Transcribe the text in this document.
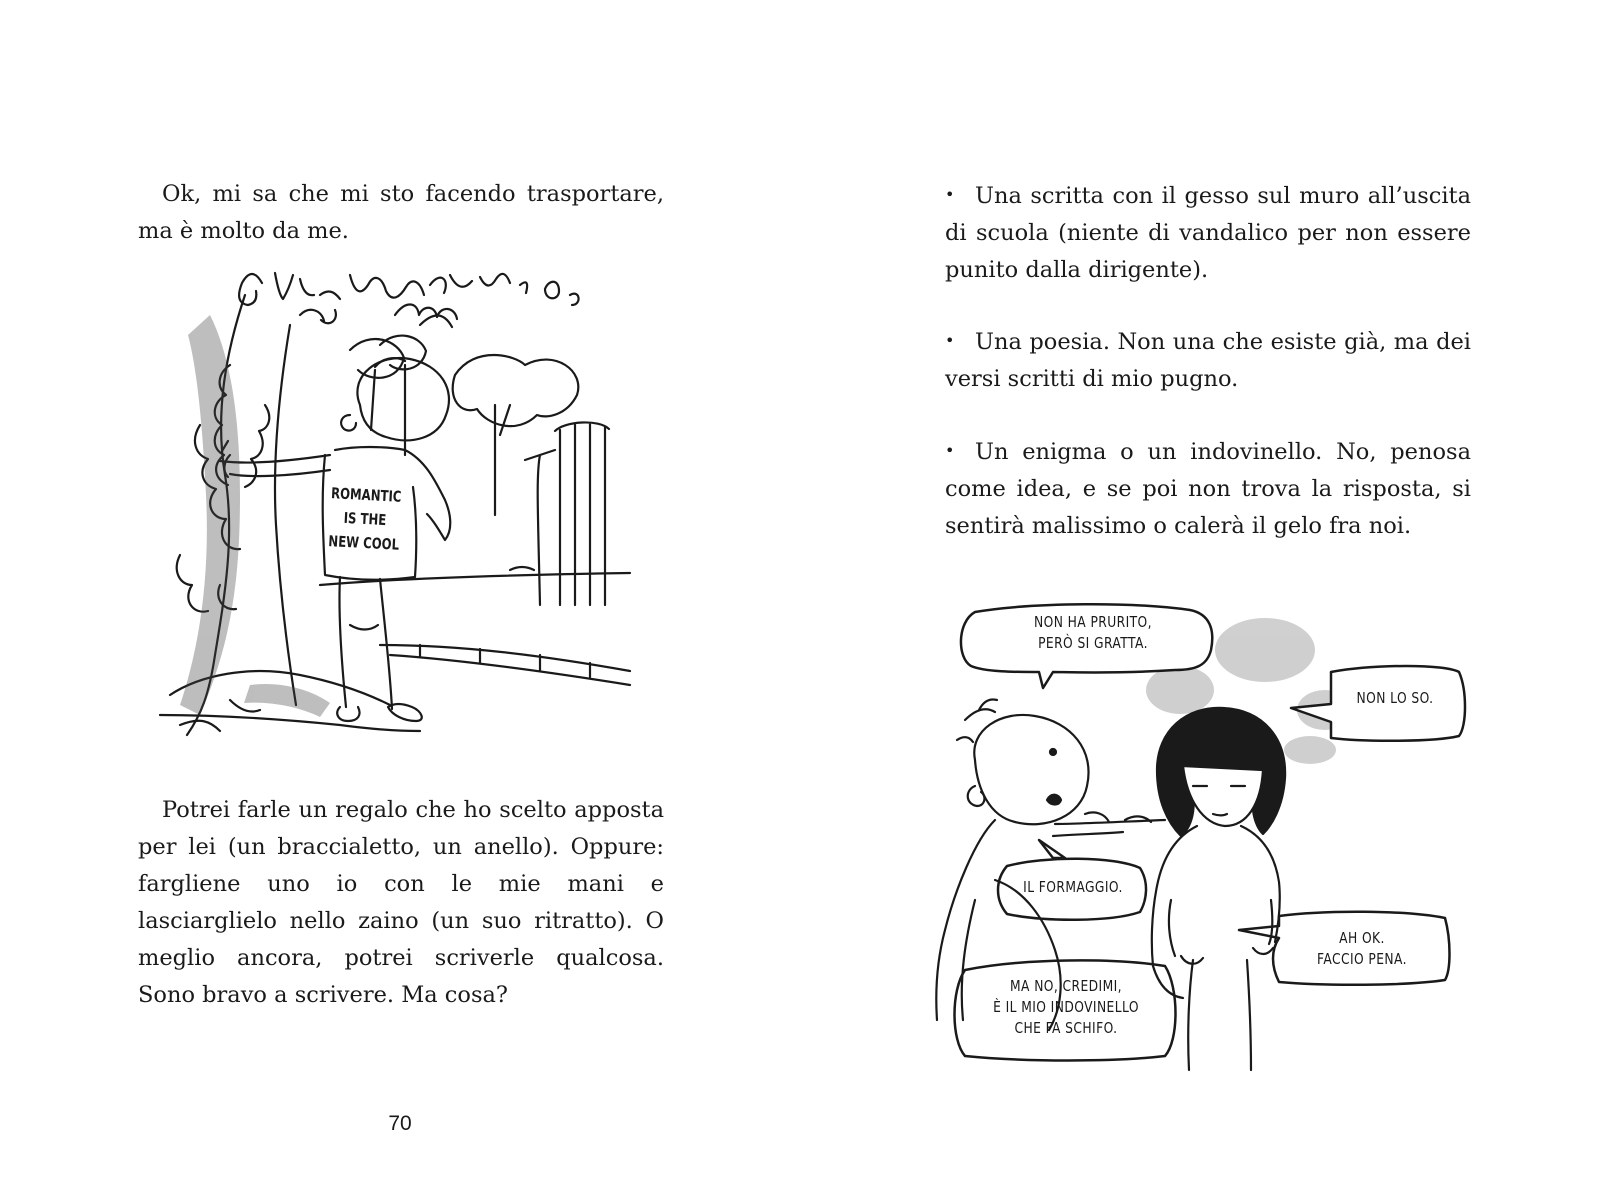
Ok, mi sa che mi sto facendo trasportare, ma è molto da me.

ROMANTIC
IS THE
NEW COOL

Potrei farle un regalo che ho scelto apposta per lei (un braccialetto, un anello). Oppure: fargliene uno io con le mie mani e lasciarglielo nello zaino (un suo ritratto). O meglio ancora, potrei scriverle qualcosa. Sono bravo a scrivere. Ma cosa?

70

• Una scritta con il gesso sul muro all’uscita di scuola (niente di vandalico per non essere punito dalla dirigente).

• Una poesia. Non una che esiste già, ma dei versi scritti di mio pugno.

• Un enigma o un indovinello. No, penosa come idea, e se poi non trova la risposta, si sentirà malissimo o calerà il gelo fra noi.

NON HA PRURITO,
PERÒ SI GRATTA.

NON LO SO.

IL FORMAGGIO.

AH OK.
FACCIO PENA.

MA NO, CREDIMI,
È IL MIO INDOVINELLO
CHE FA SCHIFO.
